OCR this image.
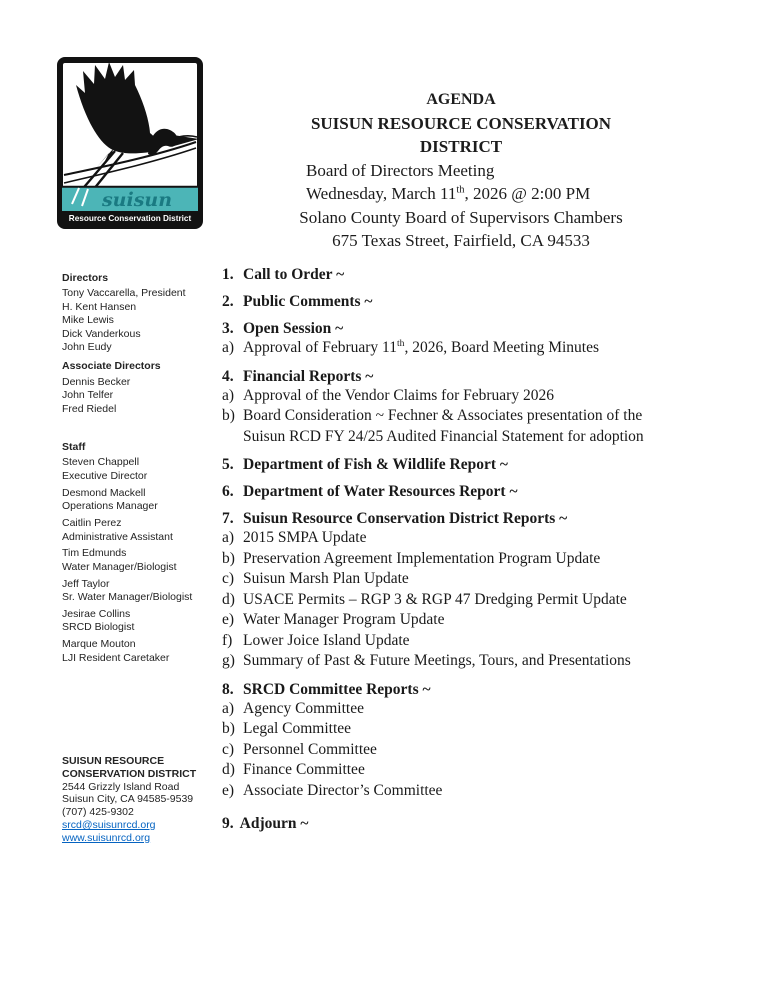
suisun
Resource Conservation District
AGENDA
SUISUN RESOURCE CONSERVATION DISTRICT
Board of Directors Meeting
Wednesday, March 11th, 2026 @ 2:00 PM
Solano County Board of Supervisors Chambers
675 Texas Street, Fairfield, CA 94533
Directors
Tony Vaccarella, President
H. Kent Hansen
Mike Lewis
Dick Vanderkous
John Eudy
Associate Directors
Dennis Becker
John Telfer
Fred Riedel
Staff
Steven Chappell
Executive Director
Desmond Mackell
Operations Manager
Caitlin Perez
Administrative Assistant
Tim Edmunds
Water Manager/Biologist
Jeff Taylor
Sr. Water Manager/Biologist
Jesirae Collins
SRCD Biologist
Marque Mouton
LJI Resident Caretaker
SUISUN RESOURCE
CONSERVATION DISTRICT
2544 Grizzly Island Road
Suisun City, CA 94585-9539
(707) 425-9302
srcd@suisunrcd.org
www.suisunrcd.org
1. Call to Order ~
2. Public Comments ~
3. Open Session ~
a) Approval of February 11th, 2026, Board Meeting Minutes
4. Financial Reports ~
a) Approval of the Vendor Claims for February 2026
b) Board Consideration ~ Fechner & Associates presentation of the Suisun RCD FY 24/25 Audited Financial Statement for adoption
5. Department of Fish & Wildlife Report ~
6. Department of Water Resources Report ~
7. Suisun Resource Conservation District Reports ~
a) 2015 SMPA Update
b) Preservation Agreement Implementation Program Update
c) Suisun Marsh Plan Update
d) USACE Permits – RGP 3 & RGP 47 Dredging Permit Update
e) Water Manager Program Update
f) Lower Joice Island Update
g) Summary of Past & Future Meetings, Tours, and Presentations
8. SRCD Committee Reports ~
a) Agency Committee
b) Legal Committee
c) Personnel Committee
d) Finance Committee
e) Associate Director’s Committee
9. Adjourn ~
